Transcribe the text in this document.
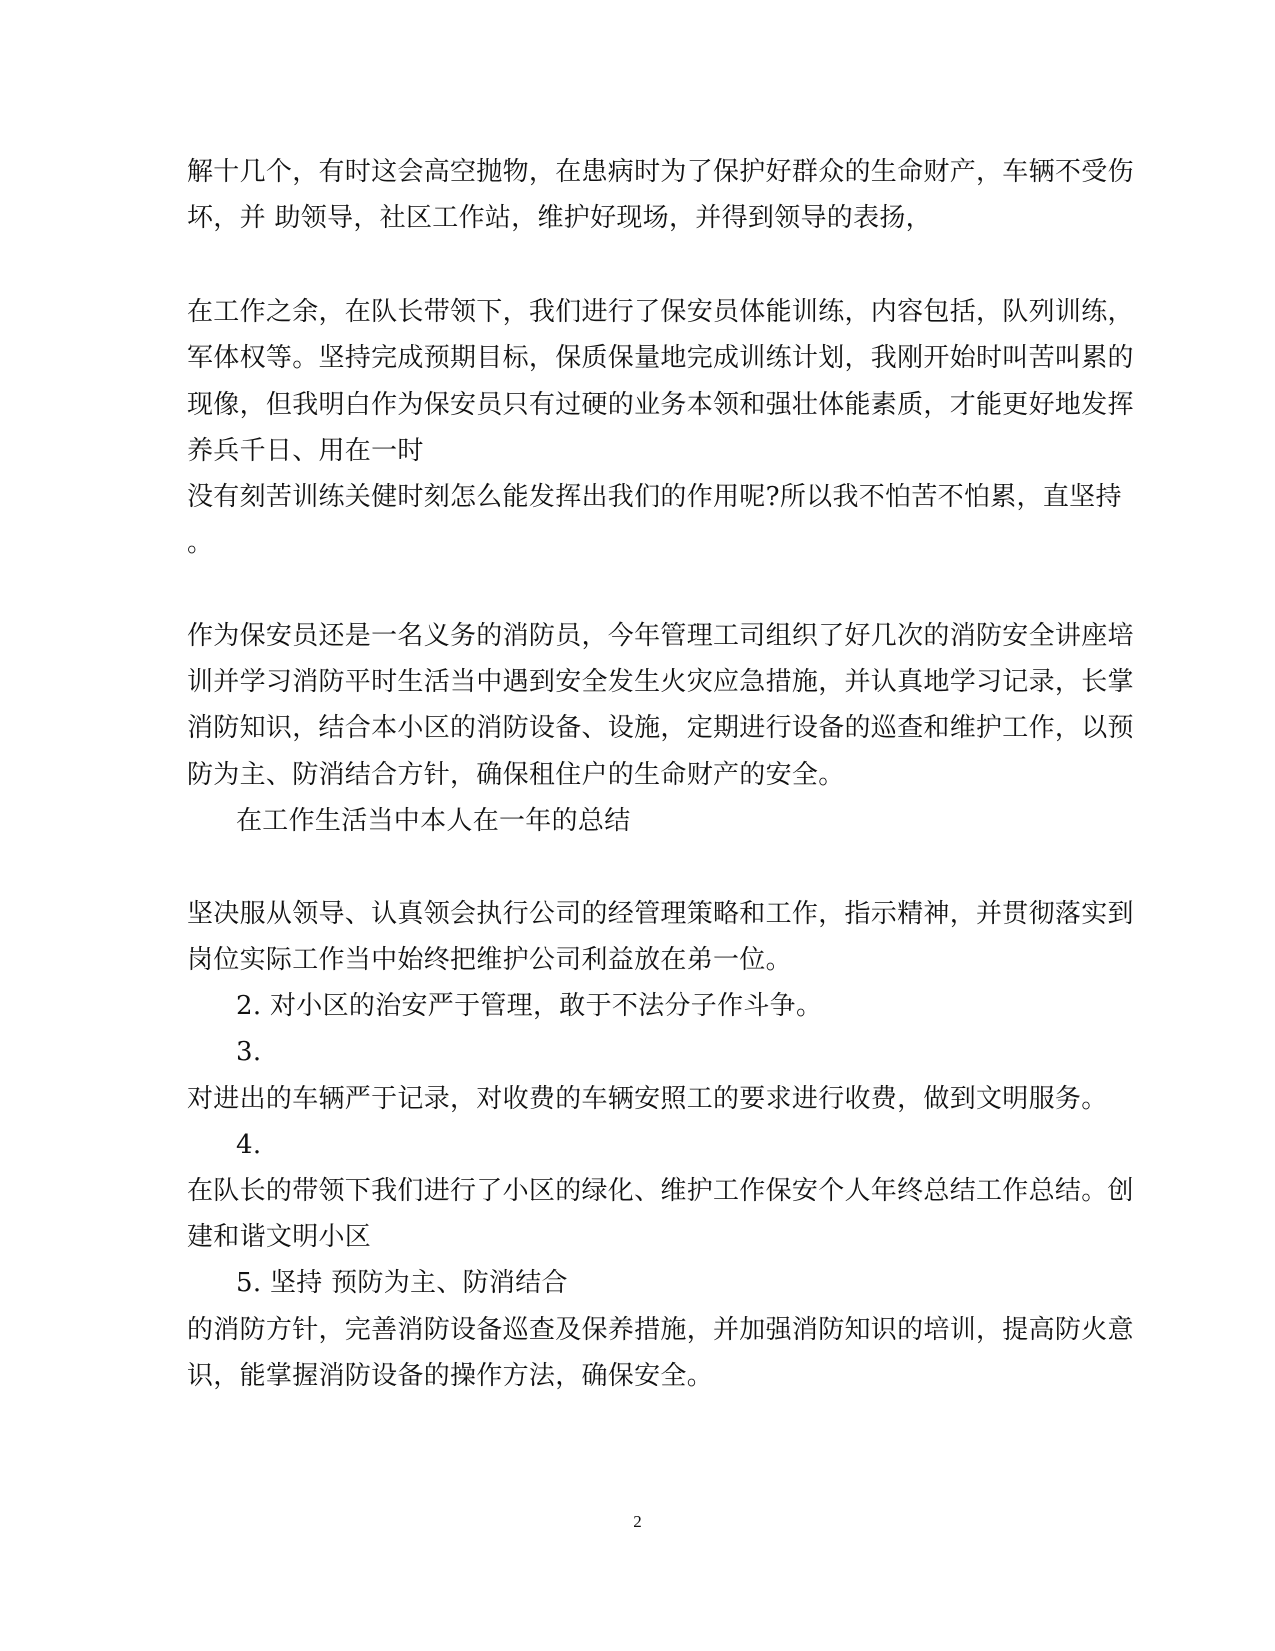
解十几个，有时这会高空抛物，在患病时为了保护好群众的生命财产，车辆不受伤
坏，并 助领导，社区工作站，维护好现场，并得到领导的表扬，
在工作之余，在队长带领下，我们进行了保安员体能训练，内容包括，队列训练，
军体权等。坚持完成预期目标，保质保量地完成训练计划，我刚开始时叫苦叫累的
现像，但我明白作为保安员只有过硬的业务本领和强壮体能素质，才能更好地发挥
养兵千日、用在一时
没有刻苦训练关健时刻怎么能发挥出我们的作用呢?所以我不怕苦不怕累，直坚持
。
作为保安员还是一名义务的消防员，今年管理工司组织了好几次的消防安全讲座培
训并学习消防平时生活当中遇到安全发生火灾应急措施，并认真地学习记录，长掌
消防知识，结合本小区的消防设备、设施，定期进行设备的巡查和维护工作，以预
防为主、防消结合方针，确保租住户的生命财产的安全。
在工作生活当中本人在一年的总结
坚决服从领导、认真领会执行公司的经管理策略和工作，指示精神，并贯彻落实到
岗位实际工作当中始终把维护公司利益放在弟一位。
2. 对小区的治安严于管理，敢于不法分子作斗争。
3.
对进出的车辆严于记录，对收费的车辆安照工的要求进行收费，做到文明服务。
4.
在队长的带领下我们进行了小区的绿化、维护工作保安个人年终总结工作总结。创
建和谐文明小区
5. 坚持 预防为主、防消结合
的消防方针，完善消防设备巡查及保养措施，并加强消防知识的培训，提高防火意
识，能掌握消防设备的操作方法，确保安全。
2
